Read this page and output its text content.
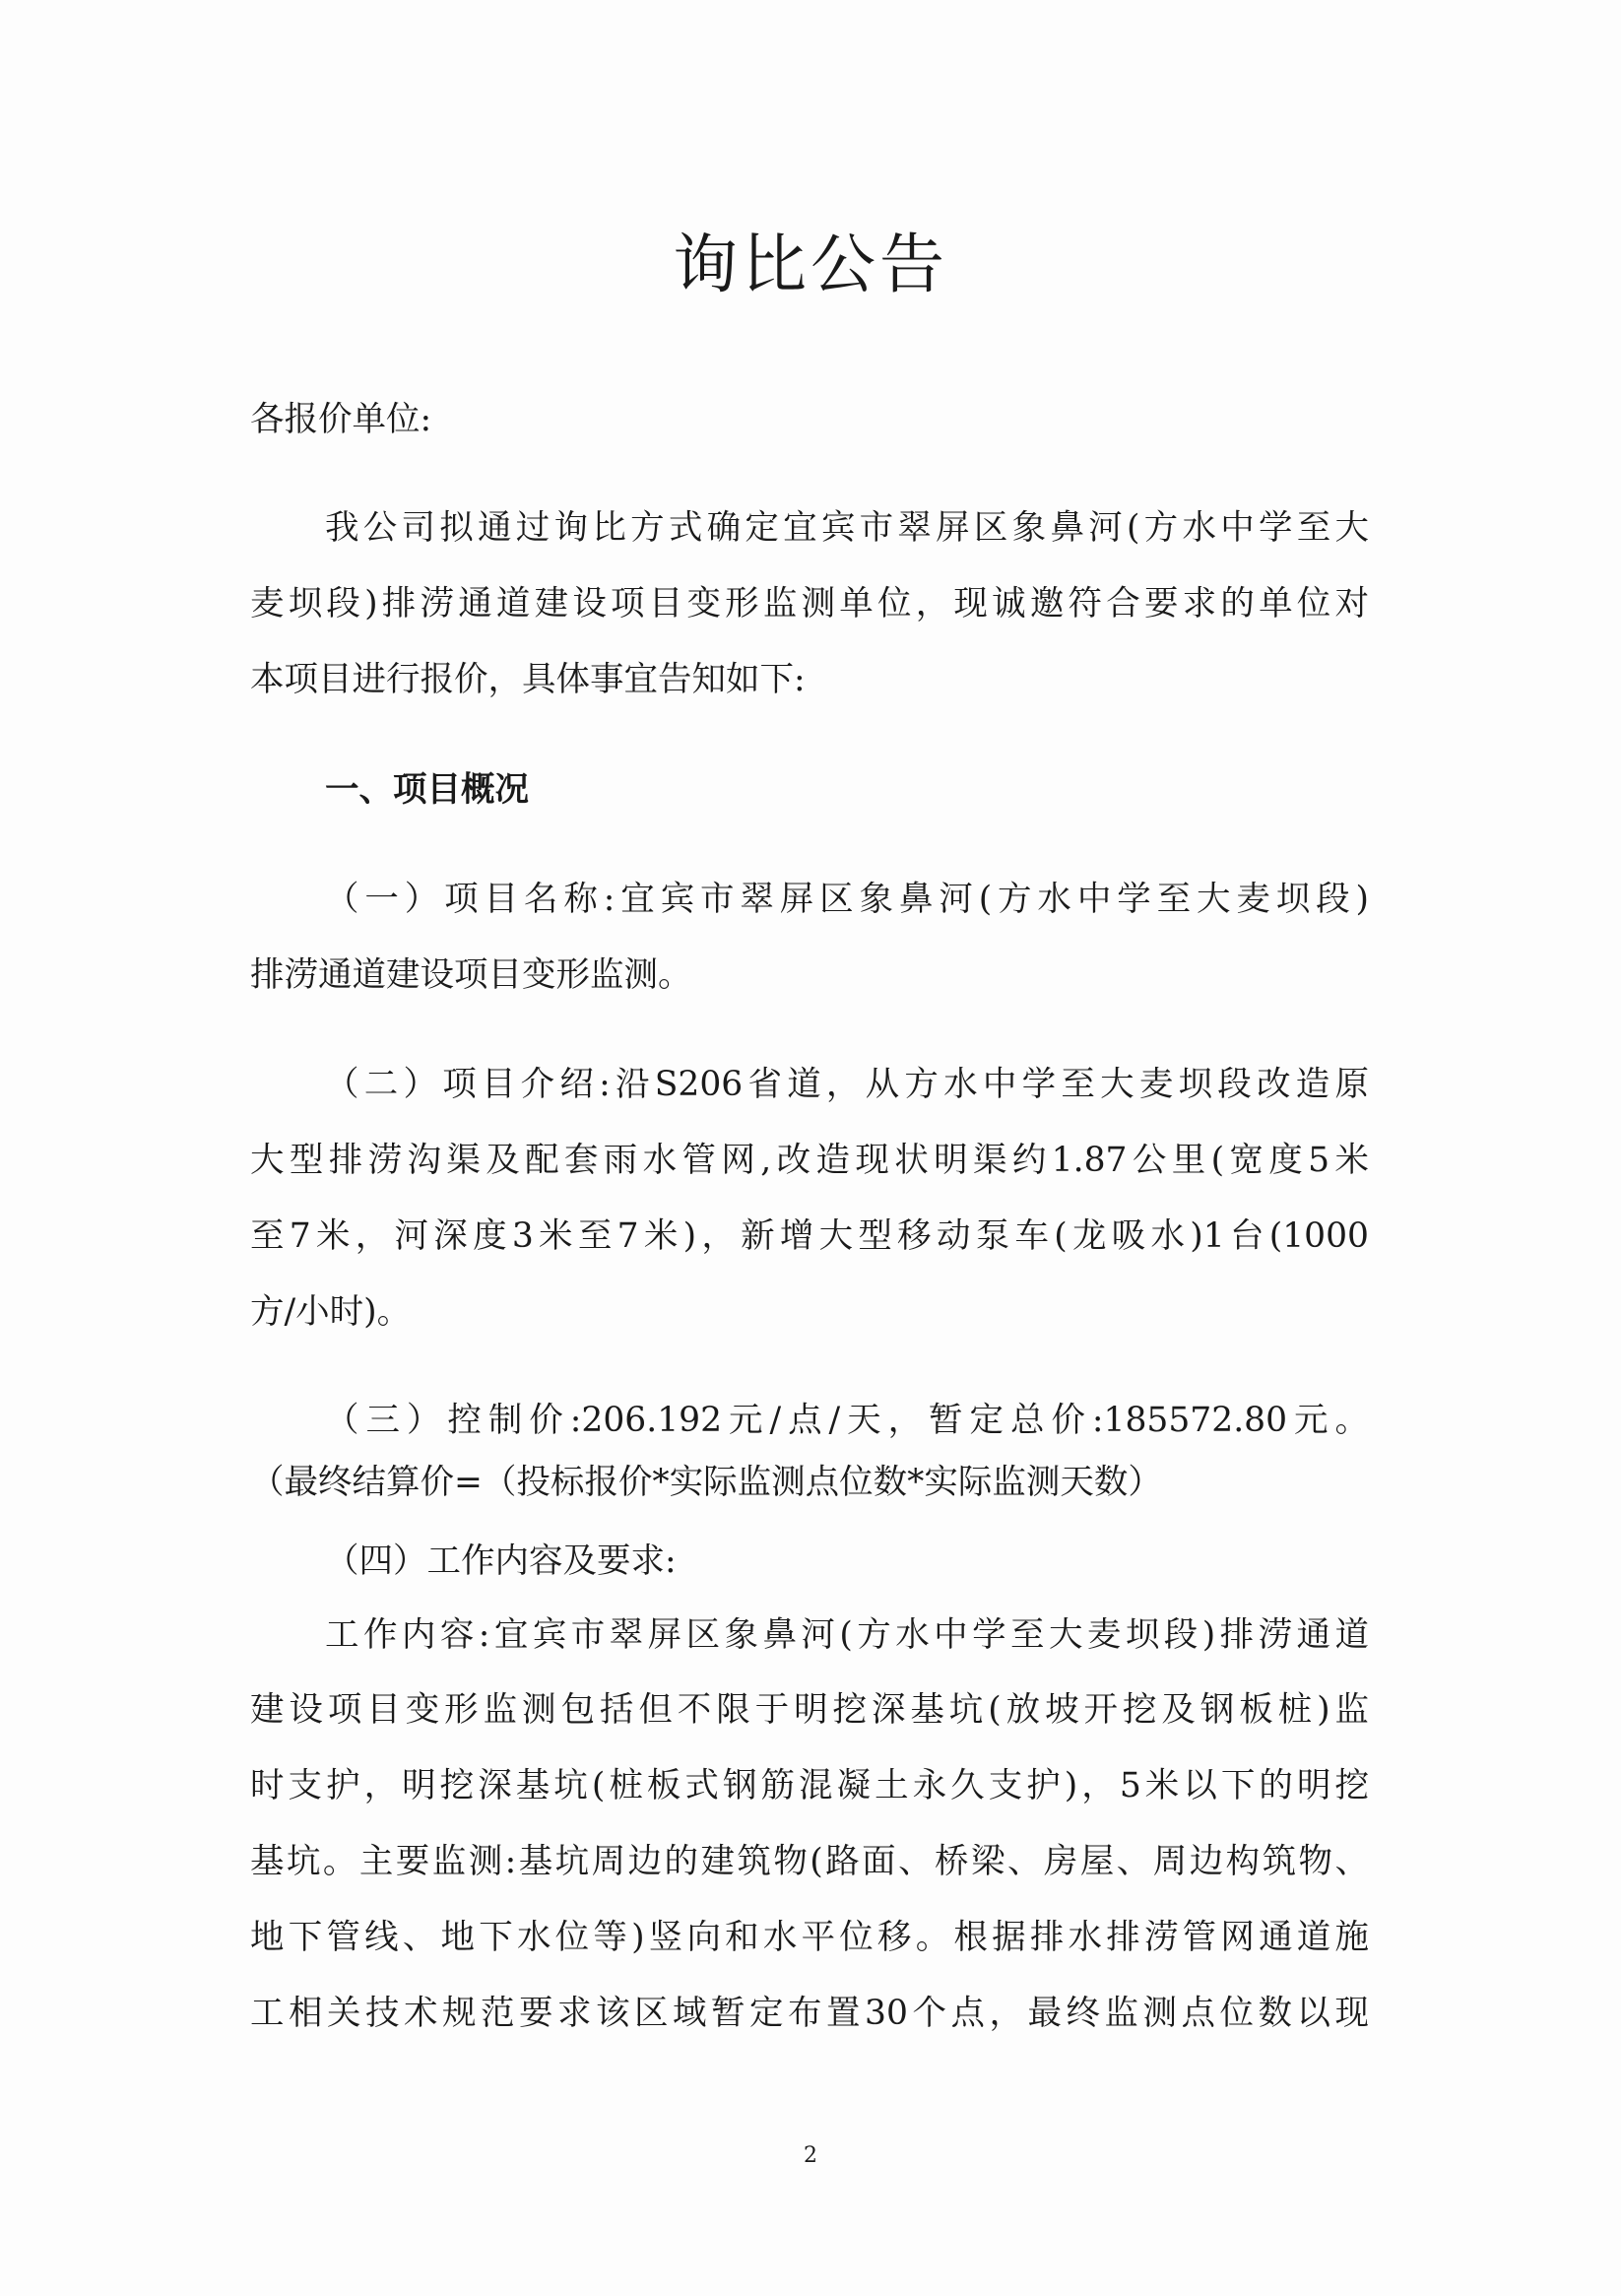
询比公告
各报价单位:
我公司拟通过询比方式确定宜宾市翠屏区象鼻河(方水中学至大
麦坝段)排涝通道建设项目变形监测单位，现诚邀符合要求的单位对
本项目进行报价，具体事宜告知如下:
一、项目概况
（一）项目名称:宜宾市翠屏区象鼻河(方水中学至大麦坝段)
排涝通道建设项目变形监测。
（二）项目介绍:沿S206省道，从方水中学至大麦坝段改造原
大型排涝沟渠及配套雨水管网,改造现状明渠约1.87公里(宽度5米
至7米，河深度3米至7米)，新增大型移动泵车(龙吸水)1台(1000
方/小时)。
（三）控制价:206.192元/点/天，暂定总价:185572.80元。
（最终结算价=（投标报价*实际监测点位数*实际监测天数）
（四）工作内容及要求:
工作内容:宜宾市翠屏区象鼻河(方水中学至大麦坝段)排涝通道
建设项目变形监测包括但不限于明挖深基坑(放坡开挖及钢板桩)监
时支护，明挖深基坑(桩板式钢筋混凝土永久支护)，5米以下的明挖
基坑。主要监测:基坑周边的建筑物(路面、桥梁、房屋、周边构筑物、
地下管线、地下水位等)竖向和水平位移。根据排水排涝管网通道施
工相关技术规范要求该区域暂定布置30个点，最终监测点位数以现
2
